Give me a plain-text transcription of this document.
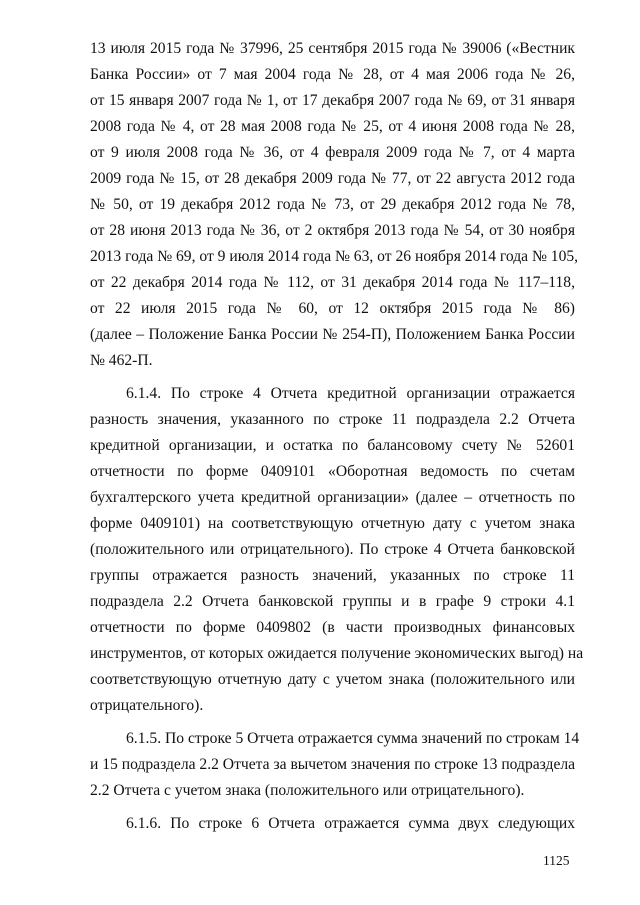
13 июля 2015 года № 37996, 25 сентября 2015 года № 39006 («Вестник
Банка России» от 7 мая 2004 года № 28, от 4 мая 2006 года № 26,
от 15 января 2007 года № 1, от 17 декабря 2007 года № 69, от 31 января
2008 года № 4, от 28 мая 2008 года № 25, от 4 июня 2008 года № 28,
от 9 июля 2008 года № 36, от 4 февраля 2009 года № 7, от 4 марта
2009 года № 15, от 28 декабря 2009 года № 77, от 22 августа 2012 года
№ 50, от 19 декабря 2012 года № 73, от 29 декабря 2012 года № 78,
от 28 июня 2013 года № 36, от 2 октября 2013 года № 54, от 30 ноября
2013 года № 69, от 9 июля 2014 года № 63, от 26 ноября 2014 года № 105,
от 22 декабря 2014 года № 112, от 31 декабря 2014 года № 117–118,
от 22 июля 2015 года № 60, от 12 октября 2015 года № 86)
(далее – Положение Банка России № 254-П), Положением Банка России
№ 462-П.
6.1.4. По строке 4 Отчета кредитной организации отражается
разность значения, указанного по строке 11 подраздела 2.2 Отчета
кредитной организации, и остатка по балансовому счету № 52601
отчетности по форме 0409101 «Оборотная ведомость по счетам
бухгалтерского учета кредитной организации» (далее – отчетность по
форме 0409101) на соответствующую отчетную дату с учетом знака
(положительного или отрицательного). По строке 4 Отчета банковской
группы отражается разность значений, указанных по строке 11
подраздела 2.2 Отчета банковской группы и в графе 9 строки 4.1
отчетности по форме 0409802 (в части производных финансовых
инструментов, от которых ожидается получение экономических выгод) на
соответствующую отчетную дату с учетом знака (положительного или
отрицательного).
6.1.5. По строке 5 Отчета отражается сумма значений по строкам 14
и 15 подраздела 2.2 Отчета за вычетом значения по строке 13 подраздела
2.2 Отчета с учетом знака (положительного или отрицательного).
6.1.6. По строке 6 Отчета отражается сумма двух следующих
1125
